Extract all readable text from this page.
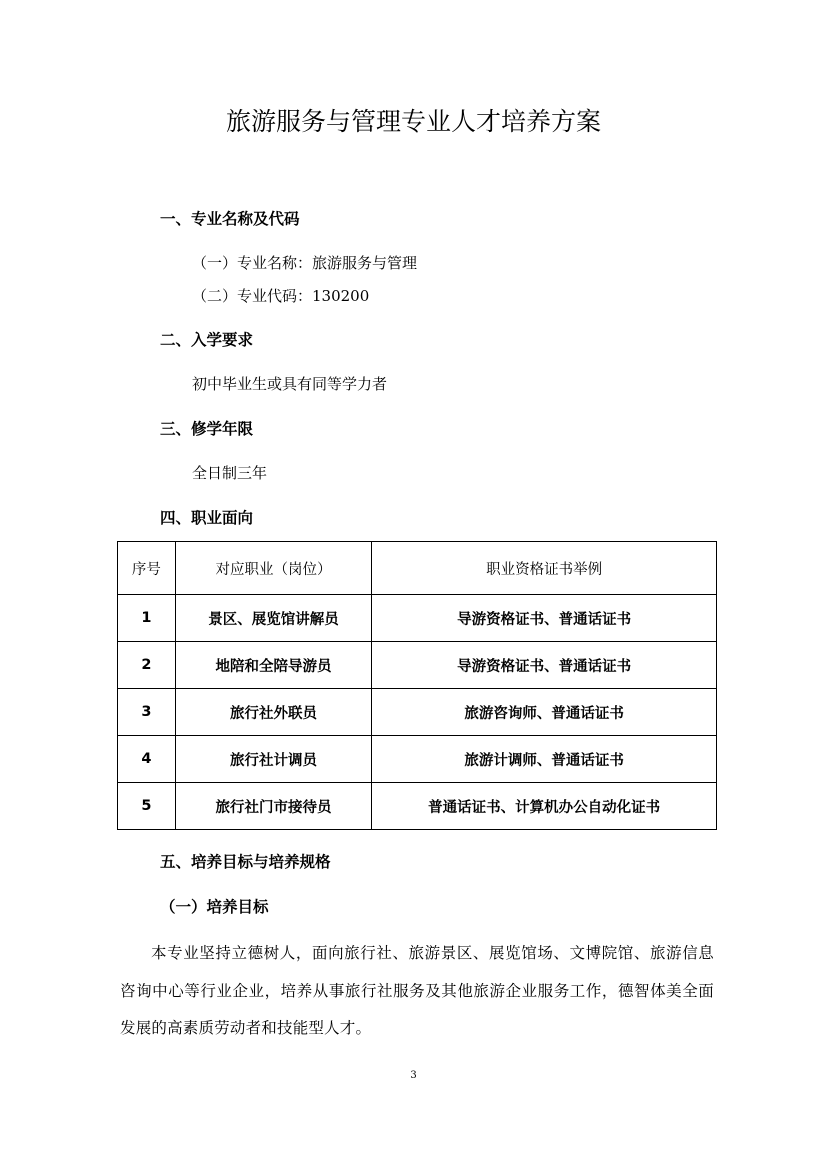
旅游服务与管理专业人才培养方案
一、专业名称及代码
（一）专业名称：旅游服务与管理
（二）专业代码：130200
二、入学要求
初中毕业生或具有同等学力者
三、修学年限
全日制三年
四、职业面向
序号	对应职业（岗位）	职业资格证书举例
1	景区、展览馆讲解员	导游资格证书、普通话证书
2	地陪和全陪导游员	导游资格证书、普通话证书
3	旅行社外联员	旅游咨询师、普通话证书
4	旅行社计调员	旅游计调师、普通话证书
5	旅行社门市接待员	普通话证书、计算机办公自动化证书
五、培养目标与培养规格
（一）培养目标
本专业坚持立德树人，面向旅行社、旅游景区、展览馆场、文博院馆、旅游信息咨询中心等行业企业，培养从事旅行社服务及其他旅游企业服务工作，德智体美全面发展的高素质劳动者和技能型人才。
3
